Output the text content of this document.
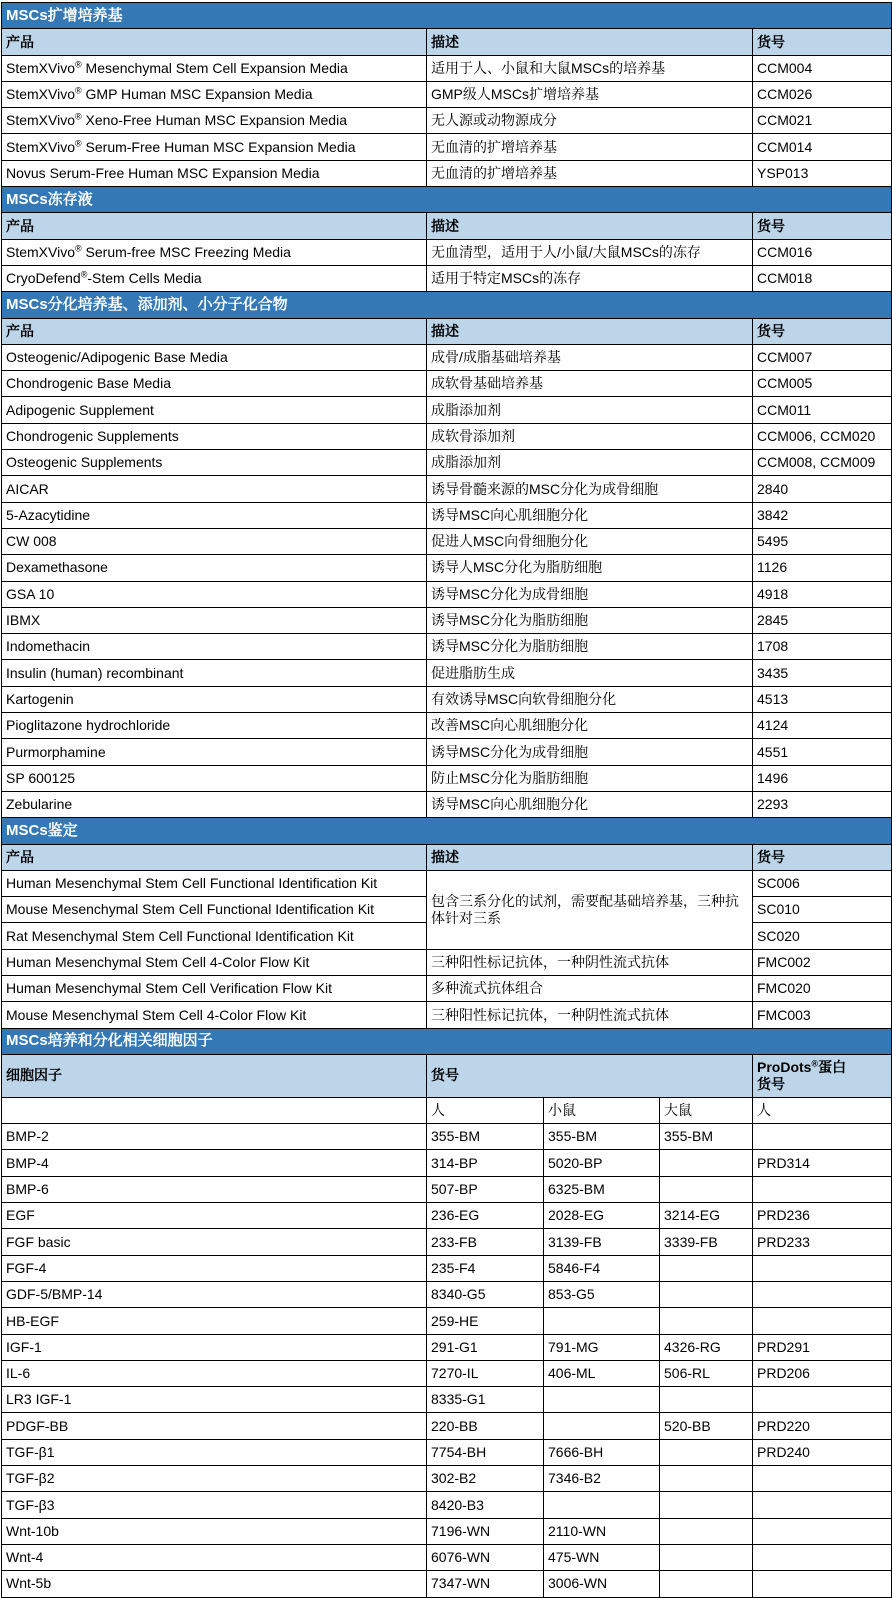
MSCs扩增培养基				
产品	描述			货号
StemXVivo® Mesenchymal Stem Cell Expansion Media	适用于人、小鼠和大鼠MSCs的培养基			CCM004
StemXVivo® GMP Human MSC Expansion Media	GMP级人MSCs扩增培养基			CCM026
StemXVivo® Xeno-Free Human MSC Expansion Media	无人源或动物源成分			CCM021
StemXVivo® Serum-Free Human MSC Expansion Media	无血清的扩增培养基			CCM014
Novus Serum-Free Human MSC Expansion Media	无血清的扩增培养基			YSP013
MSCs冻存液				
产品	描述			货号
StemXVivo® Serum-free MSC Freezing Media	无血清型，适用于人/小鼠/大鼠MSCs的冻存			CCM016
CryoDefend®-Stem Cells Media	适用于特定MSCs的冻存			CCM018
MSCs分化培养基、添加剂、小分子化合物				
产品	描述			货号
Osteogenic/Adipogenic Base Media	成骨/成脂基础培养基			CCM007
Chondrogenic Base Media	成软骨基础培养基			CCM005
Adipogenic Supplement	成脂添加剂			CCM011
Chondrogenic Supplements	成软骨添加剂			CCM006, CCM020
Osteogenic Supplements	成脂添加剂			CCM008, CCM009
AICAR	诱导骨髓来源的MSC分化为成骨细胞			2840
5-Azacytidine	诱导MSC向心肌细胞分化			3842
CW 008	促进人MSC向骨细胞分化			5495
Dexamethasone	诱导人MSC分化为脂肪细胞			1126
GSA 10	诱导MSC分化为成骨细胞			4918
IBMX	诱导MSC分化为脂肪细胞			2845
Indomethacin	诱导MSC分化为脂肪细胞			1708
Insulin (human) recombinant	促进脂肪生成			3435
Kartogenin	有效诱导MSC向软骨细胞分化			4513
Pioglitazone hydrochloride	改善MSC向心肌细胞分化			4124
Purmorphamine	诱导MSC分化为成骨细胞			4551
SP 600125	防止MSC分化为脂肪细胞			1496
Zebularine	诱导MSC向心肌细胞分化			2293
MSCs鉴定				
产品	描述			货号
Human Mesenchymal Stem Cell Functional Identification Kit	包含三系分化的试剂，需要配基础培养基，三种抗体针对三系			SC006
Mouse Mesenchymal Stem Cell Functional Identification Kit				SC010
Rat Mesenchymal Stem Cell Functional Identification Kit				SC020
Human Mesenchymal Stem Cell 4-Color Flow Kit	三种阳性标记抗体，一种阴性流式抗体			FMC002
Human Mesenchymal Stem Cell Verification Flow Kit	多种流式抗体组合			FMC020
Mouse Mesenchymal Stem Cell 4-Color Flow Kit	三种阳性标记抗体，一种阴性流式抗体			FMC003
MSCs培养和分化相关细胞因子				
细胞因子	货号			ProDots®蛋白
货号
	人	小鼠	大鼠	人
BMP-2	355-BM	355-BM	355-BM	
BMP-4	314-BP	5020-BP		PRD314
BMP-6	507-BP	6325-BM		
EGF	236-EG	2028-EG	3214-EG	PRD236
FGF basic	233-FB	3139-FB	3339-FB	PRD233
FGF-4	235-F4	5846-F4		
GDF-5/BMP-14	8340-G5	853-G5		
HB-EGF	259-HE			
IGF-1	291-G1	791-MG	4326-RG	PRD291
IL-6	7270-IL	406-ML	506-RL	PRD206
LR3 IGF-1	8335-G1			
PDGF-BB	220-BB		520-BB	PRD220
TGF-β1	7754-BH	7666-BH		PRD240
TGF-β2	302-B2	7346-B2		
TGF-β3	8420-B3			
Wnt-10b	7196-WN	2110-WN		
Wnt-4	6076-WN	475-WN		
Wnt-5b	7347-WN	3006-WN		
